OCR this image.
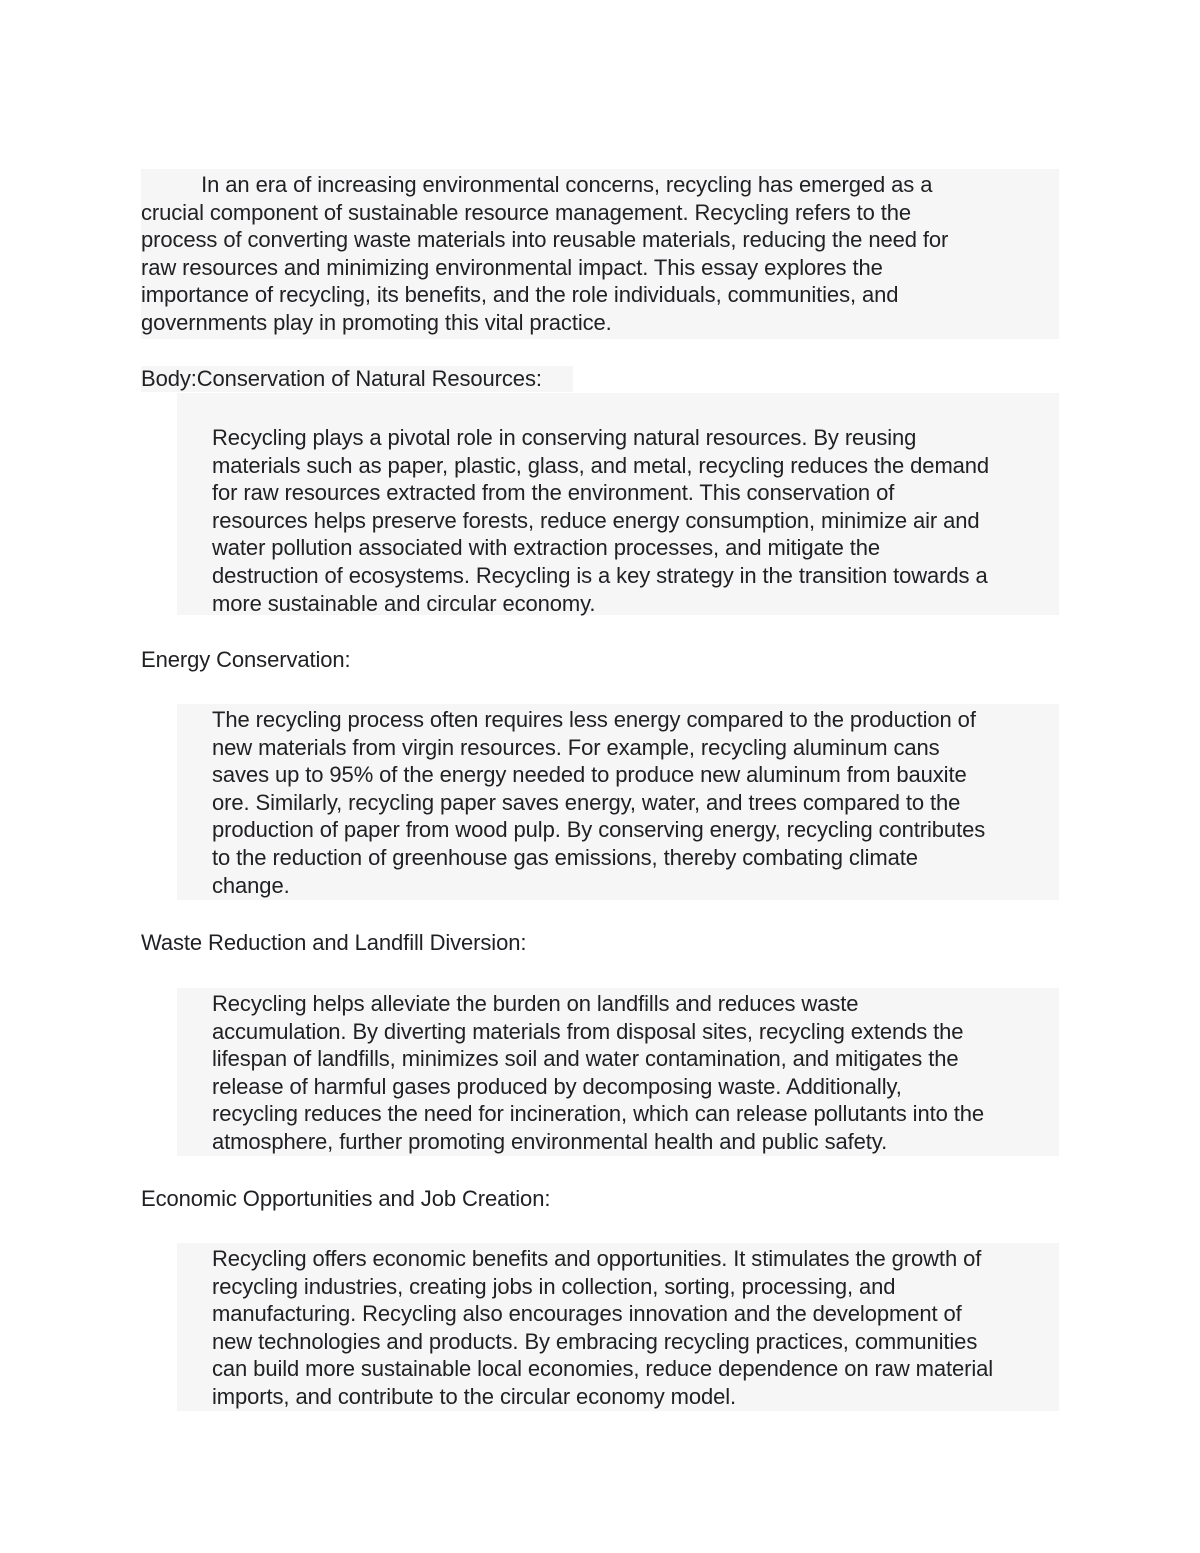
In an era of increasing environmental concerns, recycling has emerged as a
crucial component of sustainable resource management. Recycling refers to the
process of converting waste materials into reusable materials, reducing the need for
raw resources and minimizing environmental impact. This essay explores the
importance of recycling, its benefits, and the role individuals, communities, and
governments play in promoting this vital practice.

Body:Conservation of Natural Resources:

Recycling plays a pivotal role in conserving natural resources. By reusing
materials such as paper, plastic, glass, and metal, recycling reduces the demand
for raw resources extracted from the environment. This conservation of
resources helps preserve forests, reduce energy consumption, minimize air and
water pollution associated with extraction processes, and mitigate the
destruction of ecosystems. Recycling is a key strategy in the transition towards a
more sustainable and circular economy.

Energy Conservation:

The recycling process often requires less energy compared to the production of
new materials from virgin resources. For example, recycling aluminum cans
saves up to 95% of the energy needed to produce new aluminum from bauxite
ore. Similarly, recycling paper saves energy, water, and trees compared to the
production of paper from wood pulp. By conserving energy, recycling contributes
to the reduction of greenhouse gas emissions, thereby combating climate
change.

Waste Reduction and Landfill Diversion:

Recycling helps alleviate the burden on landfills and reduces waste
accumulation. By diverting materials from disposal sites, recycling extends the
lifespan of landfills, minimizes soil and water contamination, and mitigates the
release of harmful gases produced by decomposing waste. Additionally,
recycling reduces the need for incineration, which can release pollutants into the
atmosphere, further promoting environmental health and public safety.

Economic Opportunities and Job Creation:

Recycling offers economic benefits and opportunities. It stimulates the growth of
recycling industries, creating jobs in collection, sorting, processing, and
manufacturing. Recycling also encourages innovation and the development of
new technologies and products. By embracing recycling practices, communities
can build more sustainable local economies, reduce dependence on raw material
imports, and contribute to the circular economy model.
